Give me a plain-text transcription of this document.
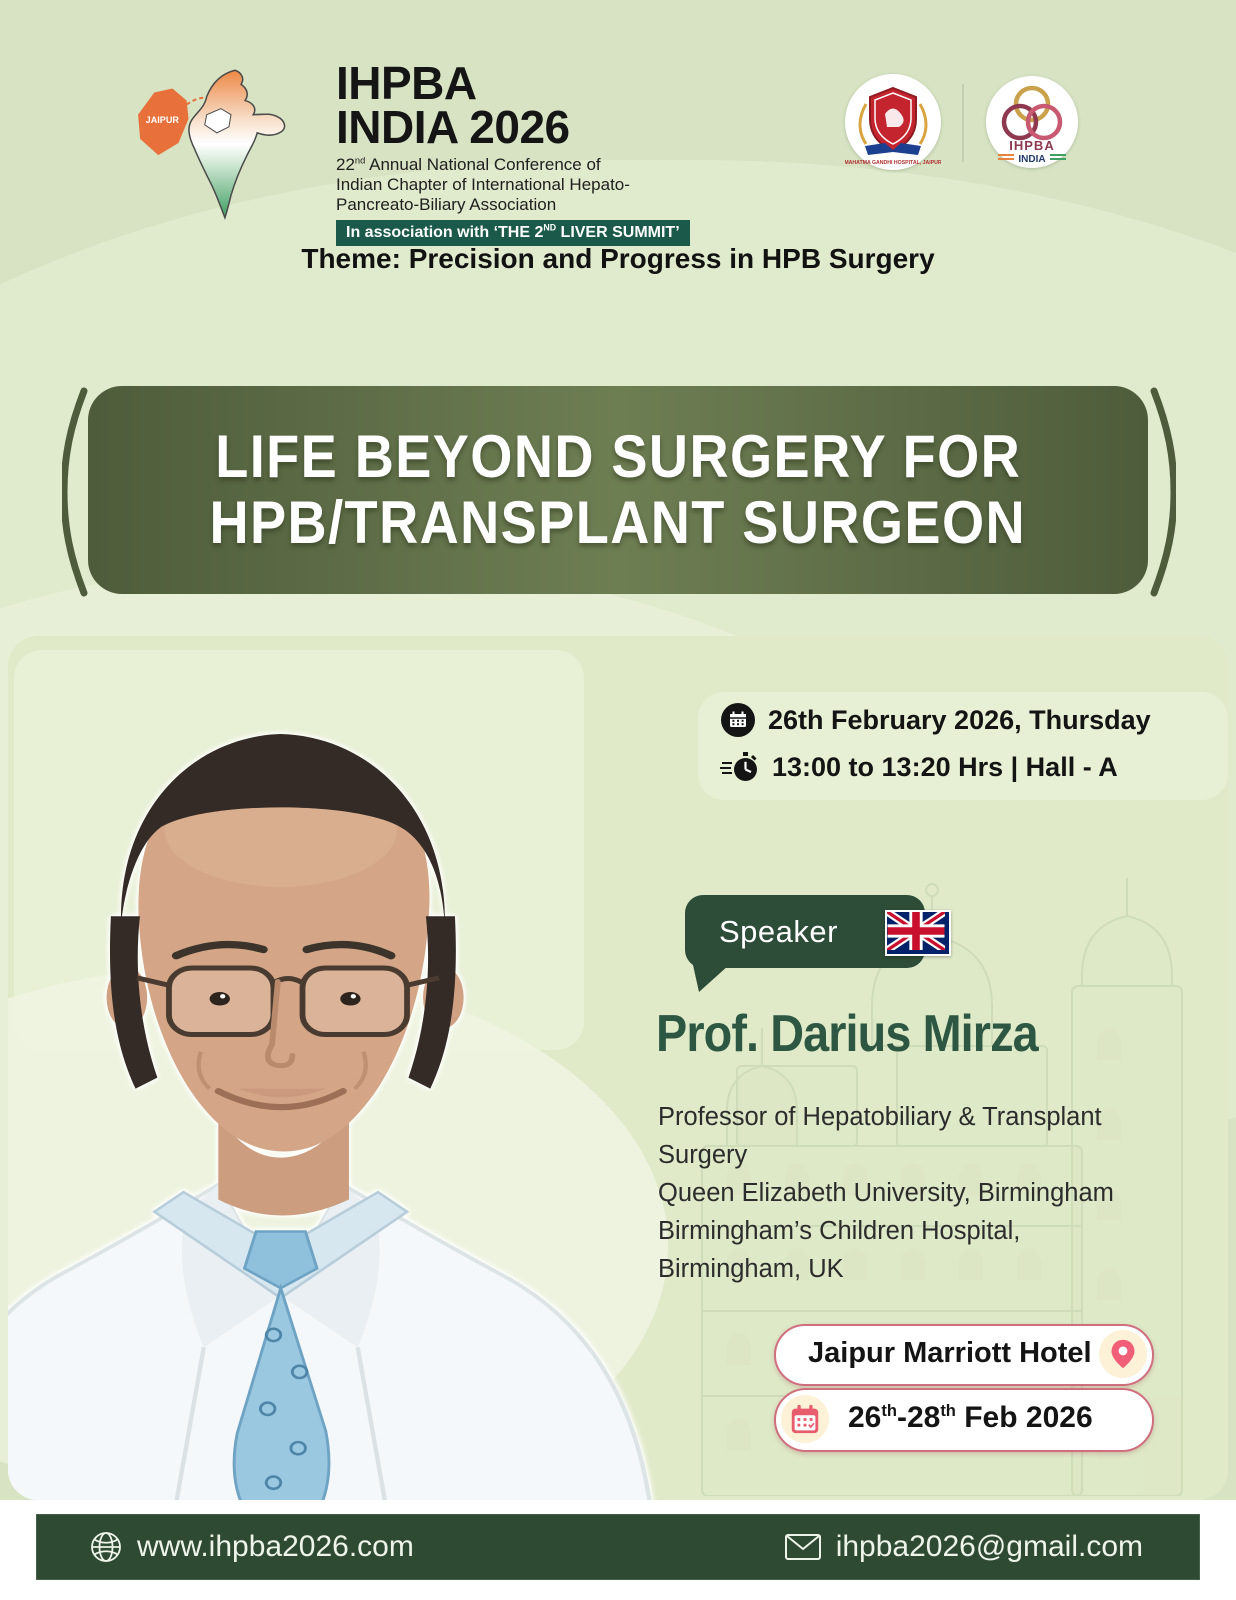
JAIPUR
IHPBA
INDIA 2026
22nd Annual National Conference of
Indian Chapter of International Hepato-
Pancreato-Biliary Association
In association with ‘THE 2ND LIVER SUMMIT’
MAHATMA GANDHI HOSPITAL, JAIPUR
IHPBA
INDIA
Theme: Precision and Progress in HPB Surgery
LIFE BEYOND SURGERY FOR
HPB/TRANSPLANT SURGEON
26th February 2026, Thursday
13:00 to 13:20 Hrs | Hall - A
Speaker
Prof. Darius Mirza
Professor of Hepatobiliary & Transplant
Surgery
Queen Elizabeth University, Birmingham
Birmingham’s Children Hospital,
Birmingham, UK
Jaipur Marriott Hotel
26th-28th Feb 2026
www.ihpba2026.com	ihpba2026@gmail.com
